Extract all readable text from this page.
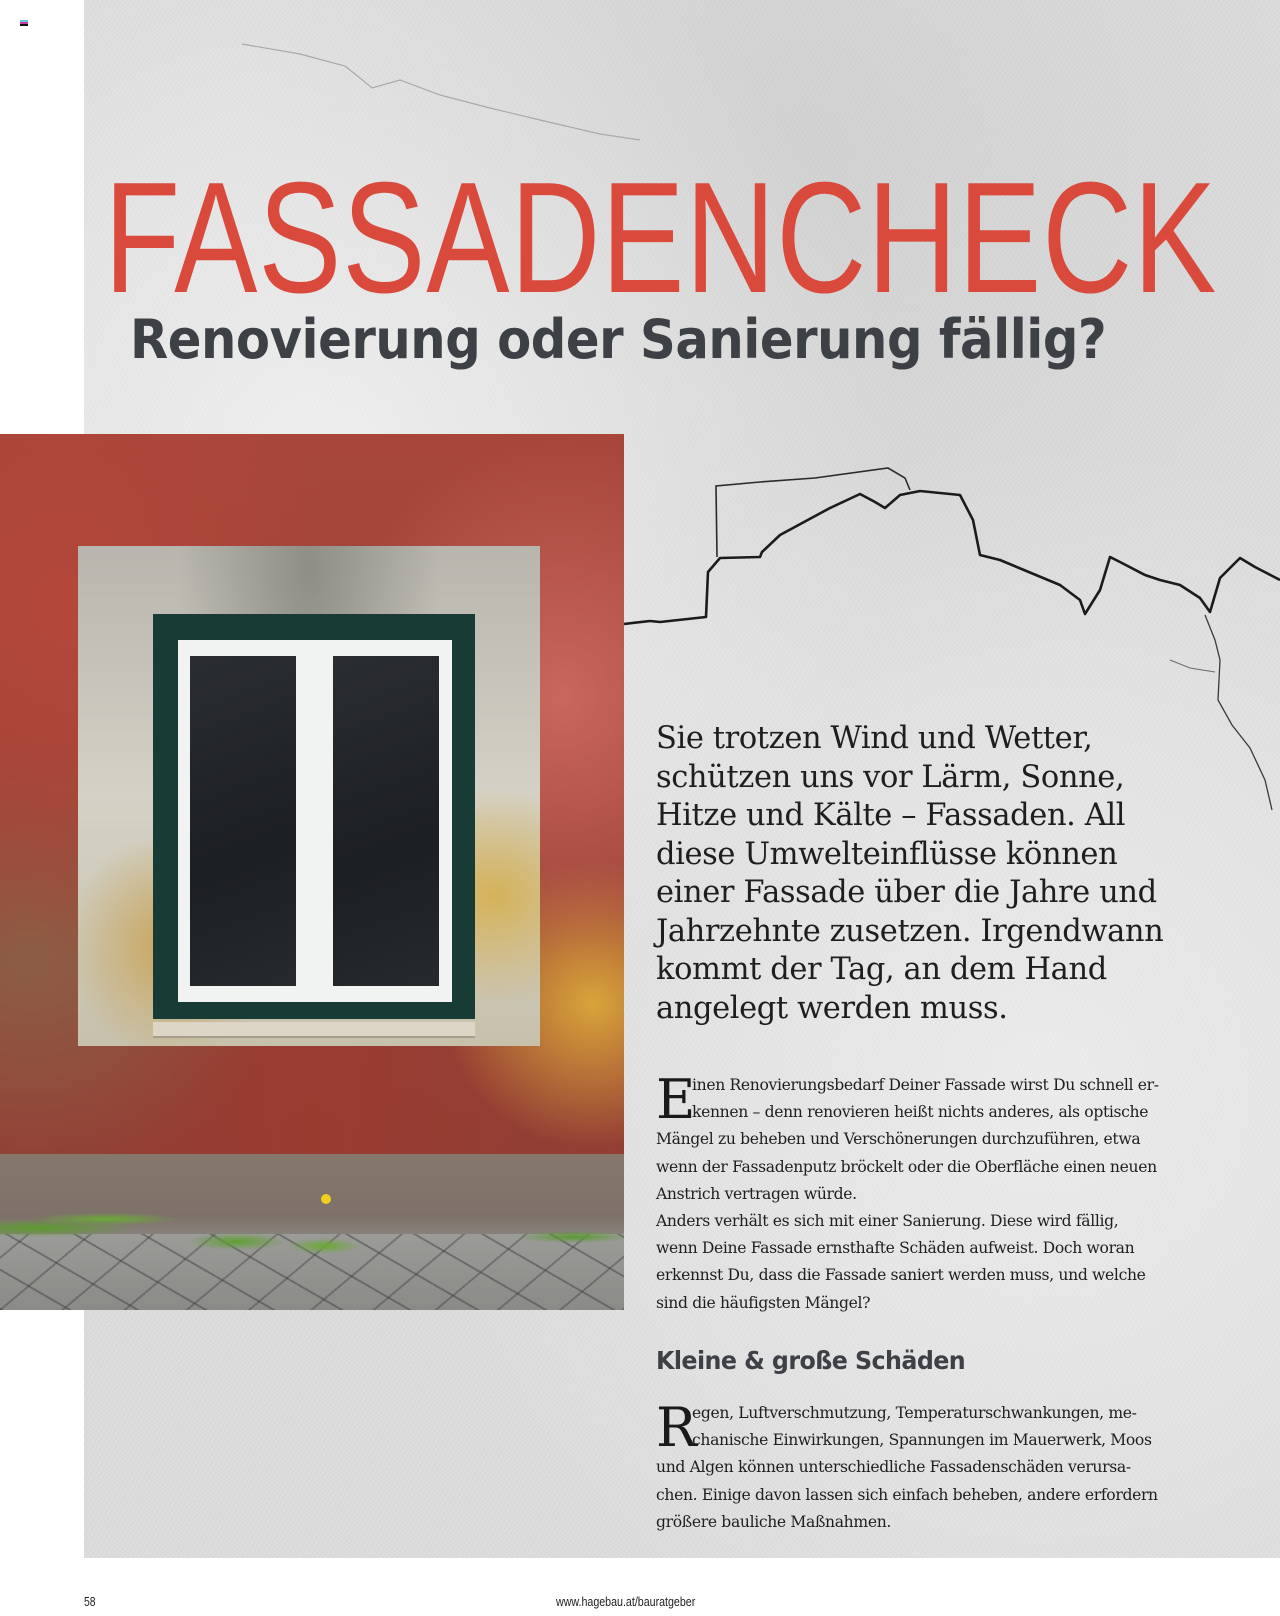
FASSADENCHECK
Renovierung oder Sanierung fällig?

Sie trotzen Wind und Wetter,
schützen uns vor Lärm, Sonne,
Hitze und Kälte – Fassaden. All
diese Umwelteinflüsse können
einer Fassade über die Jahre und
Jahrzehnte zusetzen. Irgendwann
kommt der Tag, an dem Hand
angelegt werden muss.

E
inen Renovierungsbedarf Deiner Fassade wirst Du schnell er-
kennen – denn renovieren heißt nichts anderes, als optische
Mängel zu beheben und Verschönerungen durchzuführen, etwa
wenn der Fassadenputz bröckelt oder die Oberfläche einen neuen
Anstrich vertragen würde.
Anders verhält es sich mit einer Sanierung. Diese wird fällig,
wenn Deine Fassade ernsthafte Schäden aufweist. Doch woran
erkennst Du, dass die Fassade saniert werden muss, und welche
sind die häufigsten Mängel?
Kleine & große Schäden
R
egen, Luftverschmutzung, Temperaturschwankungen, me-
chanische Einwirkungen, Spannungen im Mauerwerk, Moos
und Algen können unterschiedliche Fassadenschäden verursa-
chen. Einige davon lassen sich einfach beheben, andere erfordern
größere bauliche Maßnahmen.
58	www.hagebau.at/bauratgeber
